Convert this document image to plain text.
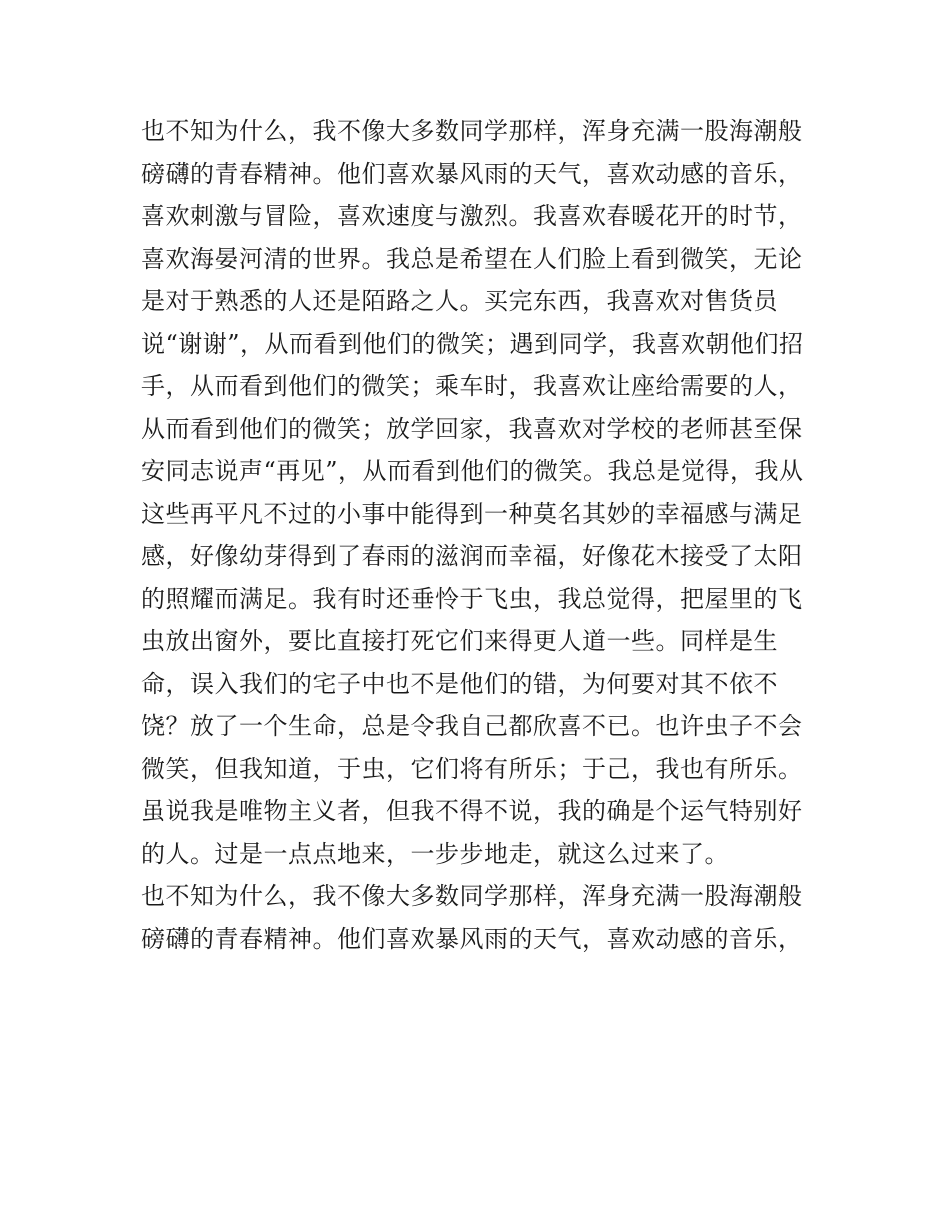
也不知为什么，我不像大多数同学那样，浑身充满一股海潮般
磅礴的青春精神。他们喜欢暴风雨的天气，喜欢动感的音乐，
喜欢刺激与冒险，喜欢速度与激烈。我喜欢春暖花开的时节，
喜欢海晏河清的世界。我总是希望在人们脸上看到微笑，无论
是对于熟悉的人还是陌路之人。买完东西，我喜欢对售货员
说“谢谢”，从而看到他们的微笑；遇到同学，我喜欢朝他们招
手，从而看到他们的微笑；乘车时，我喜欢让座给需要的人，
从而看到他们的微笑；放学回家，我喜欢对学校的老师甚至保
安同志说声“再见”，从而看到他们的微笑。我总是觉得，我从
这些再平凡不过的小事中能得到一种莫名其妙的幸福感与满足
感，好像幼芽得到了春雨的滋润而幸福，好像花木接受了太阳
的照耀而满足。我有时还垂怜于飞虫，我总觉得，把屋里的飞
虫放出窗外，要比直接打死它们来得更人道一些。同样是生
命，误入我们的宅子中也不是他们的错，为何要对其不依不
饶？放了一个生命，总是令我自己都欣喜不已。也许虫子不会
微笑，但我知道，于虫，它们将有所乐；于己，我也有所乐。
虽说我是唯物主义者，但我不得不说，我的确是个运气特别好
的人。过是一点点地来，一步步地走，就这么过来了。
也不知为什么，我不像大多数同学那样，浑身充满一股海潮般
磅礴的青春精神。他们喜欢暴风雨的天气，喜欢动感的音乐，
